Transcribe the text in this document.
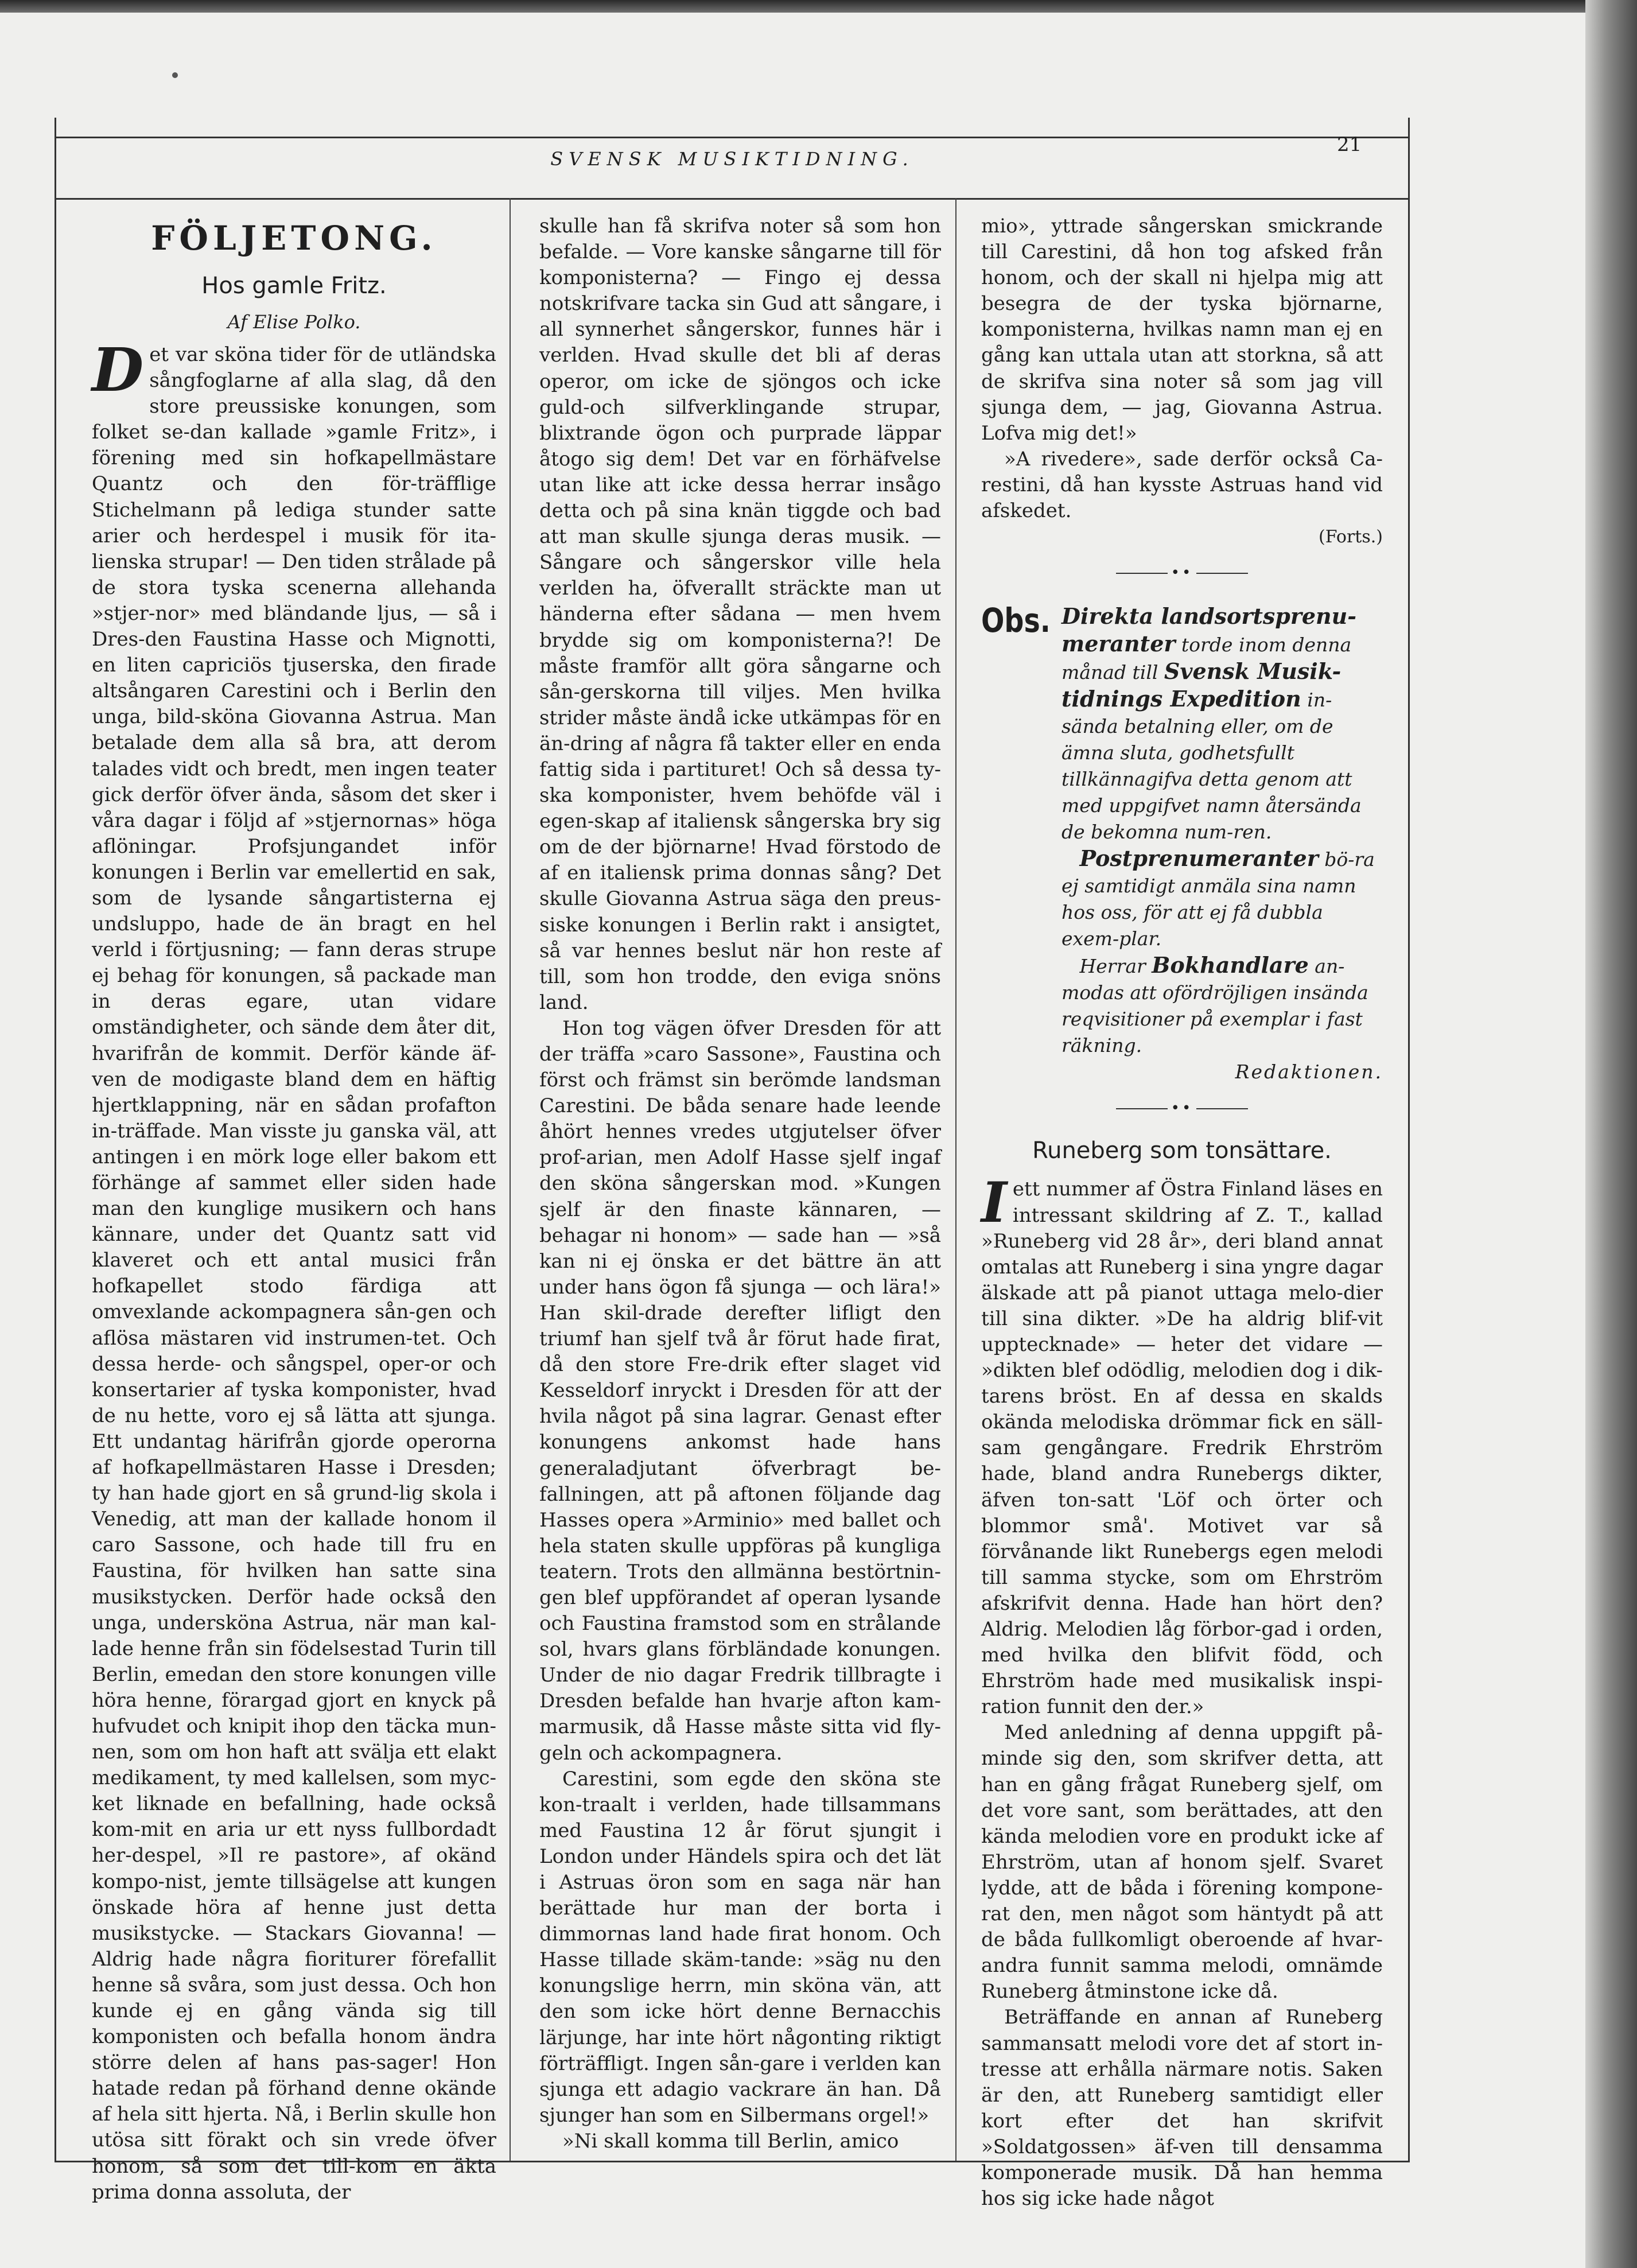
SVENSK MUSIKTIDNING.
21
FÖLJETONG.
Hos gamle Fritz.
Af Elise Polko.

Det var sköna tider för de utländska sångfoglarne af alla slag, då den store preussiske konungen, som folket se-dan kallade »gamle Fritz», i förening med sin hofkapellmästare Quantz och den för-träfflige Stichelmann på lediga stunder satte arier och herdespel i musik för ita-lienska strupar! — Den tiden strålade på de stora tyska scenerna allehanda »stjer-nor» med bländande ljus, — så i Dres-den Faustina Hasse och Mignotti, en liten capriciös tjuserska, den firade altsångaren Carestini och i Berlin den unga, bild-sköna Giovanna Astrua. Man betalade dem alla så bra, att derom talades vidt och bredt, men ingen teater gick derför öfver ända, såsom det sker i våra dagar i följd af »stjernornas» höga aflöningar. Profsjungandet inför konungen i Berlin var emellertid en sak, som de lysande sångartisterna ej undsluppo, hade de än bragt en hel verld i förtjusning; — fann deras strupe ej behag för konungen, så packade man in deras egare, utan vidare omständigheter, och sände dem åter dit, hvarifrån de kommit. Derför kände äf-ven de modigaste bland dem en häftig hjertklappning, när en sådan profafton in-träffade. Man visste ju ganska väl, att antingen i en mörk loge eller bakom ett förhänge af sammet eller siden hade man den kunglige musikern och hans kännare, under det Quantz satt vid klaveret och ett antal musici från hofkapellet stodo färdiga att omvexlande ackompagnera sån-gen och aflösa mästaren vid instrumen-tet. Och dessa herde- och sångspel, oper-or och konsertarier af tyska komponister, hvad de nu hette, voro ej så lätta att sjunga. Ett undantag härifrån gjorde operorna af hofkapellmästaren Hasse i Dresden; ty han hade gjort en så grund-lig skola i Venedig, att man der kallade honom il caro Sassone, och hade till fru en Faustina, för hvilken han satte sina musikstycken. Derför hade också den unga, undersköna Astrua, när man kal-lade henne från sin födelsestad Turin till Berlin, emedan den store konungen ville höra henne, förargad gjort en knyck på hufvudet och knipit ihop den täcka mun-nen, som om hon haft att svälja ett elakt medikament, ty med kallelsen, som myc-ket liknade en befallning, hade också kom-mit en aria ur ett nyss fullbordadt her-despel, »Il re pastore», af okänd kompo-nist, jemte tillsägelse att kungen önskade höra af henne just detta musikstycke. — Stackars Giovanna! — Aldrig hade några fioriturer förefallit henne så svåra, som just dessa. Och hon kunde ej en gång vända sig till komponisten och befalla honom ändra större delen af hans pas-sager! Hon hatade redan på förhand denne okände af hela sitt hjerta. Nå, i Berlin skulle hon utösa sitt förakt och sin vrede öfver honom, så som det till-kom en äkta prima donna assoluta, der

skulle han få skrifva noter så som hon befalde. — Vore kanske sångarne till för komponisterna? — Fingo ej dessa notskrifvare tacka sin Gud att sångare, i all synnerhet sångerskor, funnes här i verlden. Hvad skulle det bli af deras operor, om icke de sjöngos och icke guld-och silfverklingande strupar, blixtrande ögon och purprade läppar åtogo sig dem! Det var en förhäfvelse utan like att icke dessa herrar insågo detta och på sina knän tiggde och bad att man skulle sjunga deras musik. — Sångare och sångerskor ville hela verlden ha, öfverallt sträckte man ut händerna efter sådana — men hvem brydde sig om komponisterna?! De måste framför allt göra sångarne och sån-gerskorna till viljes. Men hvilka strider måste ändå icke utkämpas för en än-dring af några få takter eller en enda fattig sida i partituret! Och så dessa ty-ska komponister, hvem behöfde väl i egen-skap af italiensk sångerska bry sig om de der björnarne! Hvad förstodo de af en italiensk prima donnas sång? Det skulle Giovanna Astrua säga den preus-siske konungen i Berlin rakt i ansigtet, så var hennes beslut när hon reste af till, som hon trodde, den eviga snöns land.

Hon tog vägen öfver Dresden för att der träffa »caro Sassone», Faustina och först och främst sin berömde landsman Carestini. De båda senare hade leende åhört hennes vredes utgjutelser öfver prof-arian, men Adolf Hasse sjelf ingaf den sköna sångerskan mod. »Kungen sjelf är den finaste kännaren, — behagar ni honom» — sade han — »så kan ni ej önska er det bättre än att under hans ögon få sjunga — och lära!» Han skil-drade derefter lifligt den triumf han sjelf två år förut hade firat, då den store Fre-drik efter slaget vid Kesseldorf inryckt i Dresden för att der hvila något på sina lagrar. Genast efter konungens ankomst hade hans generaladjutant öfverbragt be-fallningen, att på aftonen följande dag Hasses opera »Arminio» med ballet och hela staten skulle uppföras på kungliga teatern. Trots den allmänna bestörtnin-gen blef uppförandet af operan lysande och Faustina framstod som en strålande sol, hvars glans förbländade konungen. Under de nio dagar Fredrik tillbragte i Dresden befalde han hvarje afton kam-marmusik, då Hasse måste sitta vid fly-geln och ackompagnera.

Carestini, som egde den sköna ste kon-traalt i verlden, hade tillsammans med Faustina 12 år förut sjungit i London under Händels spira och det lät i Astruas öron som en saga när han berättade hur man der borta i dimmornas land hade firat honom. Och Hasse tillade skäm-tande: »säg nu den konungslige herrn, min sköna vän, att den som icke hört denne Bernacchis lärjunge, har inte hört någonting riktigt förträffligt. Ingen sån-gare i verlden kan sjunga ett adagio vackrare än han. Då sjunger han som en Silbermans orgel!»

»Ni skall komma till Berlin, amico

mio», yttrade sångerskan smickrande till Carestini, då hon tog afsked från honom, och der skall ni hjelpa mig att besegra de der tyska björnarne, komponisterna, hvilkas namn man ej en gång kan uttala utan att storkna, så att de skrifva sina noter så som jag vill sjunga dem, — jag, Giovanna Astrua. Lofva mig det!»

»A rivedere», sade derför också Ca-restini, då han kysste Astruas hand vid afskedet.

(Forts.)
••
Obs. Direkta landsortsprenu-meranter torde inom denna månad till Svensk Musik-tidnings Expedition in-sända betalning eller, om de ämna sluta, godhetsfullt tillkännagifva detta genom att med uppgifvet namn återsända de bekomna num-ren.
Postprenumeranter bö-ra ej samtidigt anmäla sina namn hos oss, för att ej få dubbla exem-plar.
Herrar Bokhandlare an-modas att ofördröjligen insända reqvisitioner på exemplar i fast räkning.
Redaktionen.
••
Runeberg som tonsättare.

Iett nummer af Östra Finland läses en intressant skildring af Z. T., kallad »Runeberg vid 28 år», deri bland annat omtalas att Runeberg i sina yngre dagar älskade att på pianot uttaga melo-dier till sina dikter. »De ha aldrig blif-vit upptecknade» — heter det vidare — »dikten blef odödlig, melodien dog i dik-tarens bröst. En af dessa en skalds okända melodiska drömmar fick en säll-sam gengångare. Fredrik Ehrström hade, bland andra Runebergs dikter, äfven ton-satt 'Löf och örter och blommor små'. Motivet var så förvånande likt Runebergs egen melodi till samma stycke, som om Ehrström afskrifvit denna. Hade han hört den? Aldrig. Melodien låg förbor-gad i orden, med hvilka den blifvit född, och Ehrström hade med musikalisk inspi-ration funnit den der.»

Med anledning af denna uppgift på-minde sig den, som skrifver detta, att han en gång frågat Runeberg sjelf, om det vore sant, som berättades, att den kända melodien vore en produkt icke af Ehrström, utan af honom sjelf. Svaret lydde, att de båda i förening kompone-rat den, men något som häntydt på att de båda fullkomligt oberoende af hvar-andra funnit samma melodi, omnämde Runeberg åtminstone icke då.

Beträffande en annan af Runeberg sammansatt melodi vore det af stort in-tresse att erhålla närmare notis. Saken är den, att Runeberg samtidigt eller kort efter det han skrifvit »Soldatgossen» äf-ven till densamma komponerade musik. Då han hemma hos sig icke hade något
